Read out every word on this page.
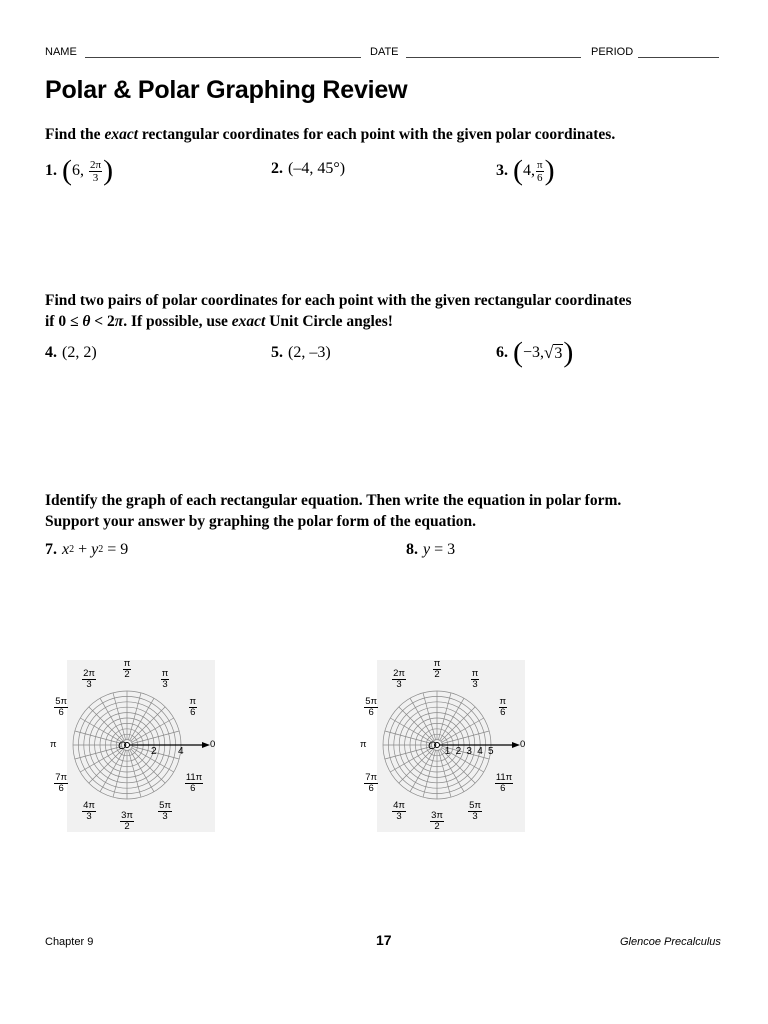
NAME	DATE	PERIOD
Polar & Polar Graphing Review
Find the exact rectangular coordinates for each point with the given polar coordinates.
1. ( 6,
$\frac{2\pi}{3}$ )	2. (–4, 45°)	3. ( 4, $\frac{\pi}{6}$ )
Find two pairs of polar coordinates for each point with the given rectangular coordinates
if 0 ≤ θ < 2π. If possible, use exact Unit Circle angles!
4. (2, 2)	5. (2, –3)	6. ( −3, √ 3 )
Identify the graph of each rectangular equation. Then write the equation in polar form.
Support your answer by graphing the polar form of the equation.
7. x 2 + y 2 = 9	8. y = 3
O 2 4
π
2	π
3
2π
3
π
6
5π
6
π	0
7π
6
11π
6
4π
3
5π
3
3π
2
O 1 2 3 4 5
π
2	π
3
2π
3
π
6
5π
6
π	0
7π
6
11π
6
4π
3
5π
3
3π
2
Chapter 9	17	Glencoe Precalculus
